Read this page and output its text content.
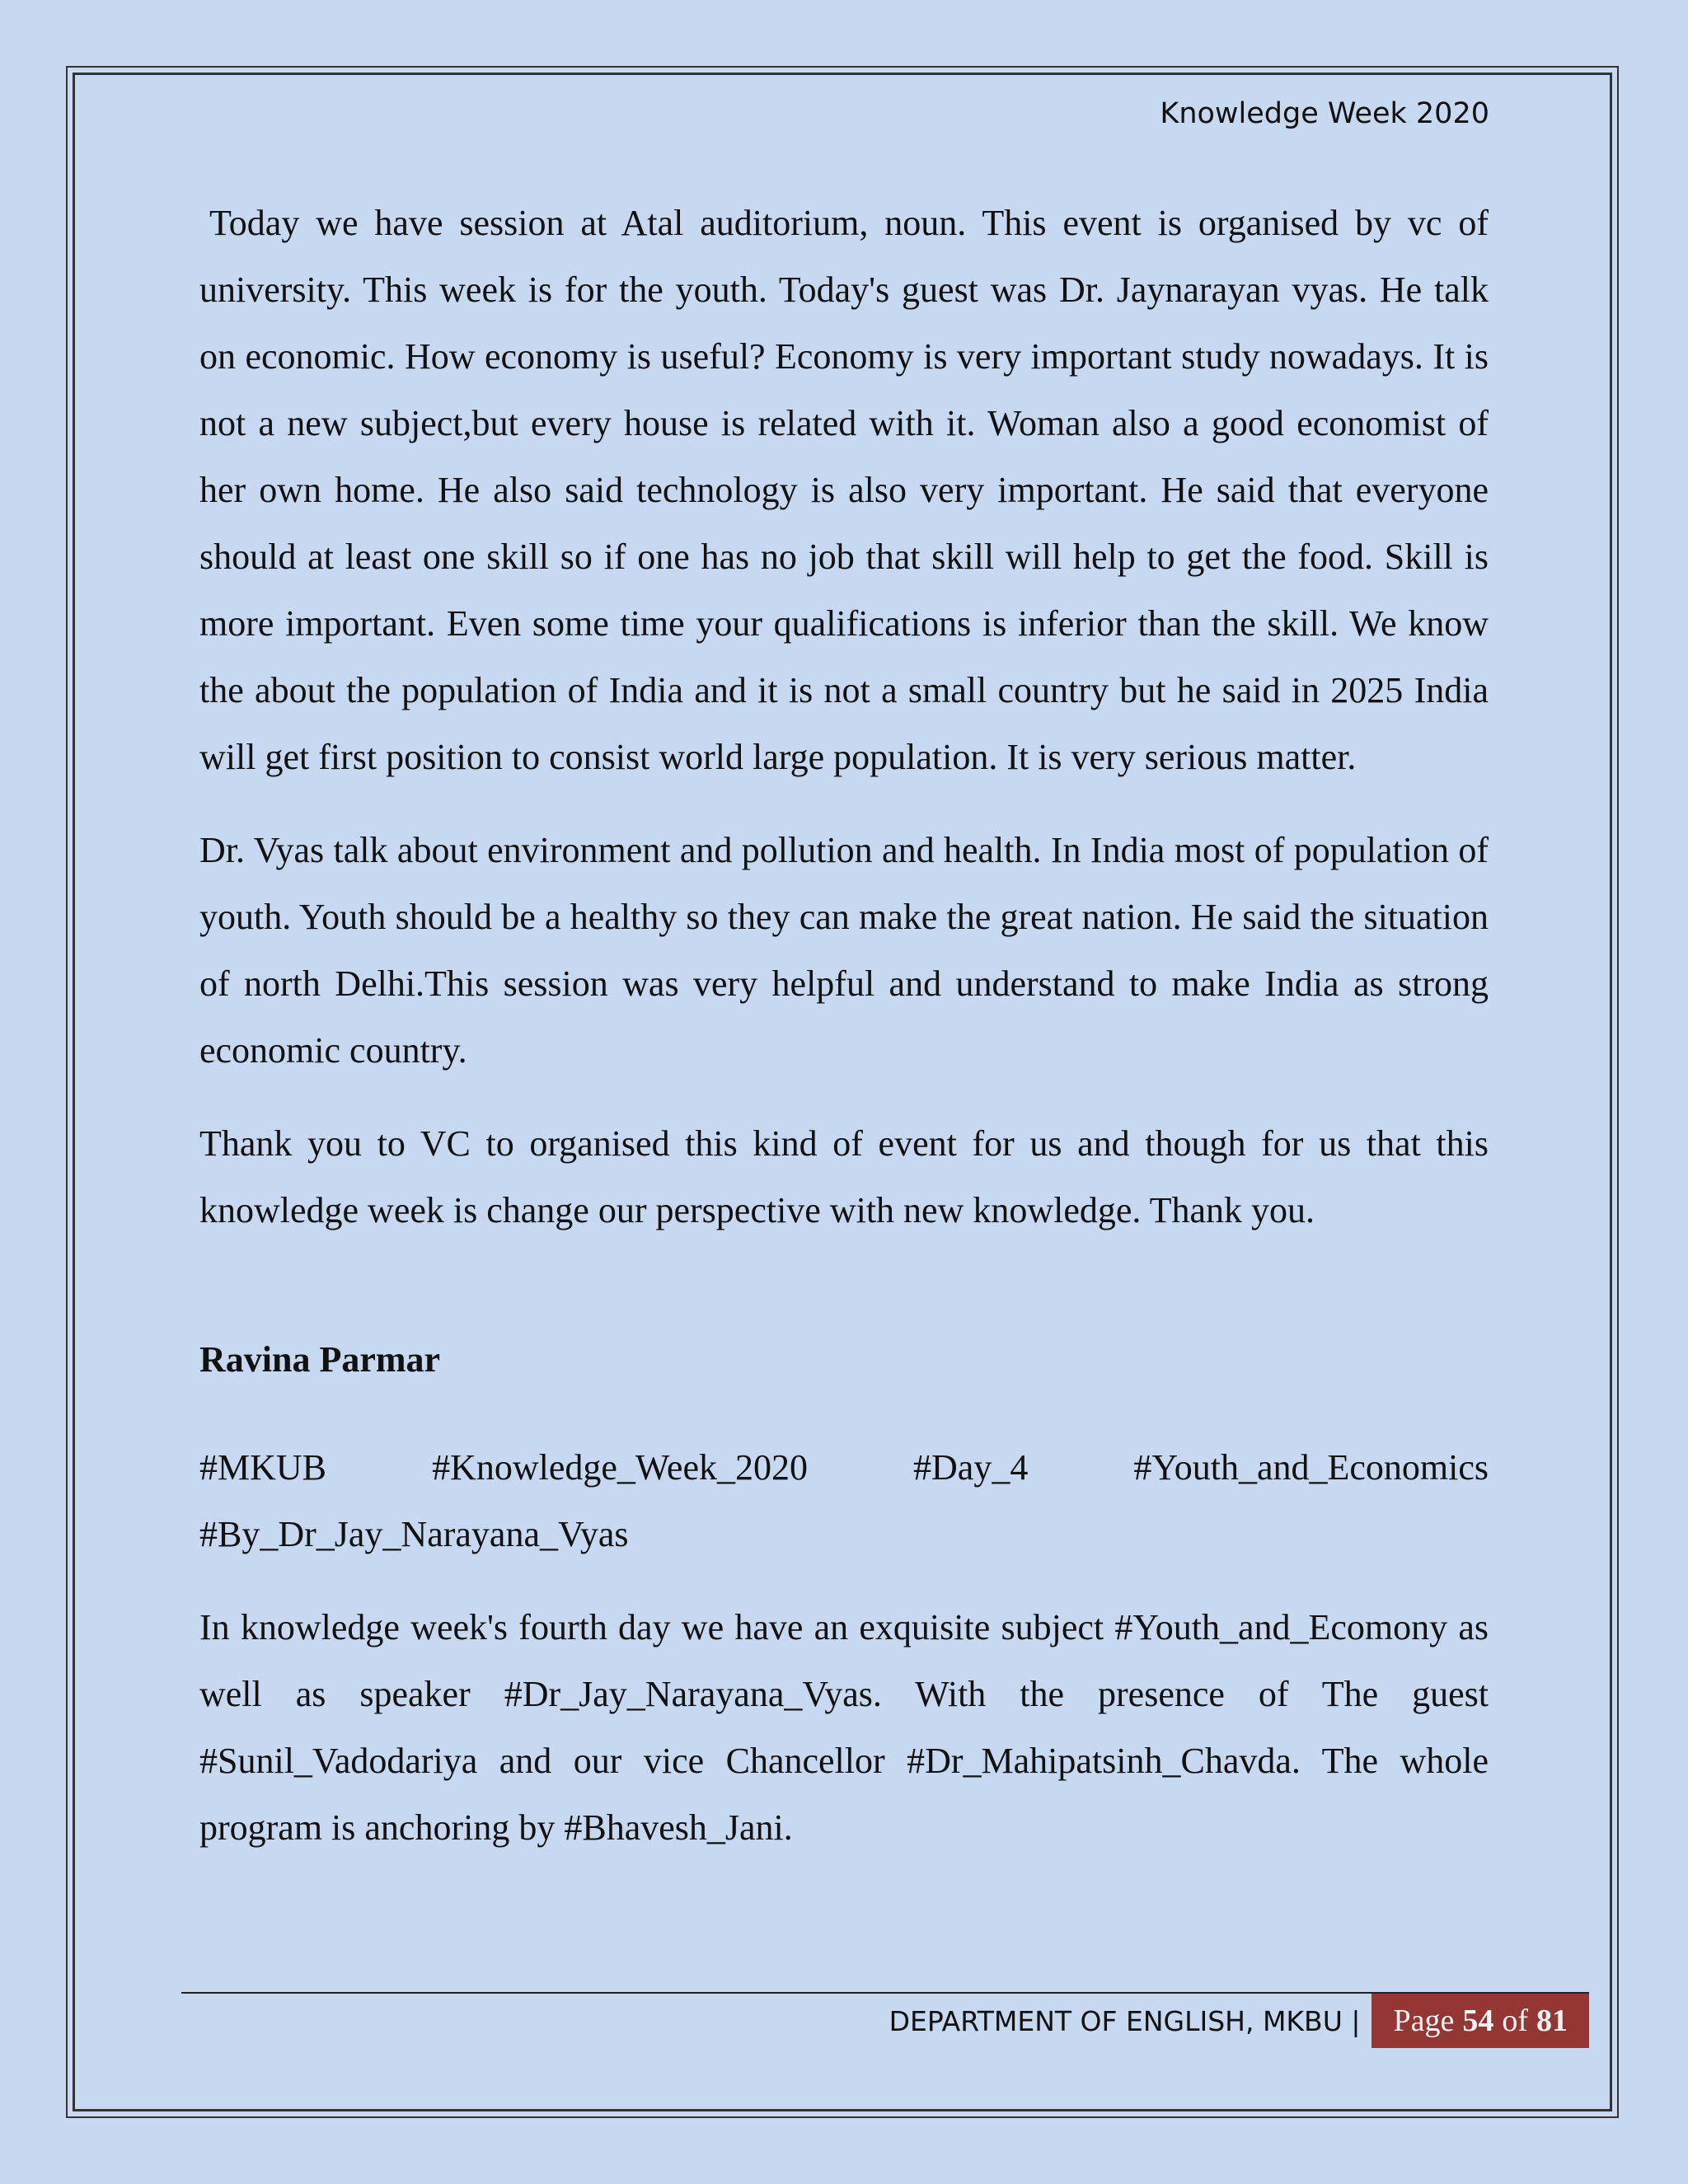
Knowledge Week 2020

Today we have session at Atal auditorium, noun. This event is organised by vc of university. This week is for the youth. Today's guest was Dr. Jaynarayan vyas. He talk on economic. How economy is useful? Economy is very important study nowadays. It is not a new subject,but every house is related with it. Woman also a good economist of her own home. He also said technology is also very important. He said that everyone should at least one skill so if one has no job that skill will help to get the food. Skill is more important. Even some time your qualifications is inferior than the skill. We know the about the population of India and it is not a small country but he said in 2025 India will get first position to consist world large population. It is very serious matter.

Dr. Vyas talk about environment and pollution and health. In India most of population of youth. Youth should be a healthy so they can make the great nation. He said the situation of north Delhi.This session was very helpful and understand to make India as strong economic country.

Thank you to VC to organised this kind of event for us and though for us that this knowledge week is change our perspective with new knowledge. Thank you.

Ravina Parmar

#MKUB #Knowledge_Week_2020 #Day_4 #Youth_and_Economics #By_Dr_Jay_Narayana_Vyas

In knowledge week's fourth day we have an exquisite subject #Youth_and_Ecomony as well as speaker #Dr_Jay_Narayana_Vyas. With the presence of The guest #Sunil_Vadodariya and our vice Chancellor #Dr_Mahipatsinh_Chavda. The whole program is anchoring by #Bhavesh_Jani.

DEPARTMENT OF ENGLISH, MKBU |	Page 54 of 81
